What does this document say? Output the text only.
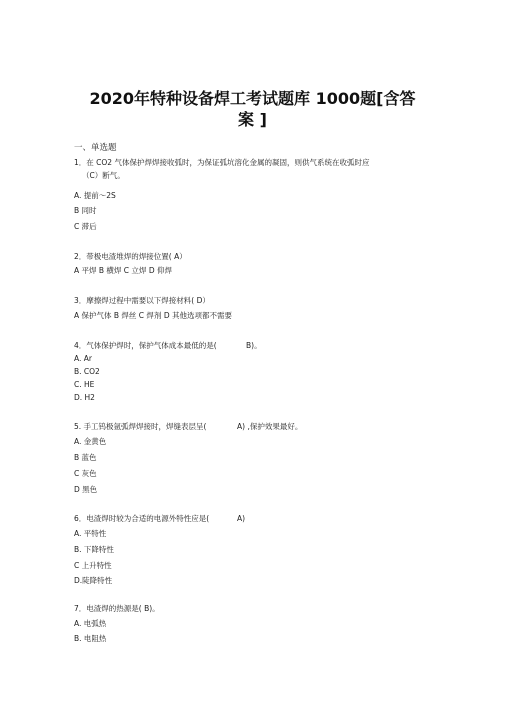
2020年特种设备焊工考试题库 1000题[含答
案 ]
一、单选题
1．在 CO2 气体保护焊焊接收弧时，为保证弧坑溶化金属的凝固，则供气系统在收弧时应
（C）断气。
A. 提前～2S
B 同时
C 滞后
2．带极电渣堆焊的焊接位置( A）
A 平焊 B 横焊 C 立焊 D 仰焊
3．摩擦焊过程中需要以下焊接材料( D）
A 保护气体 B 焊丝 C 焊剂 D 其他选项都不需要
4．气体保护焊时，保护气体成本最低的是(	B)。
A. Ar
B. CO2
C. HE
D. H2
5. 手工钨极氩弧焊焊接时，焊缝表层呈(	A) ,保护效果最好。
A. 金黄色
B 蓝色
C 灰色
D 黑色
6．电渣焊时较为合适的电源外特性应是(	A)
A. 平特性
B. 下降特性
C 上升特性
D.陡降特性
7．电渣焊的热源是( B)。
A. 电弧热
B. 电阻热
